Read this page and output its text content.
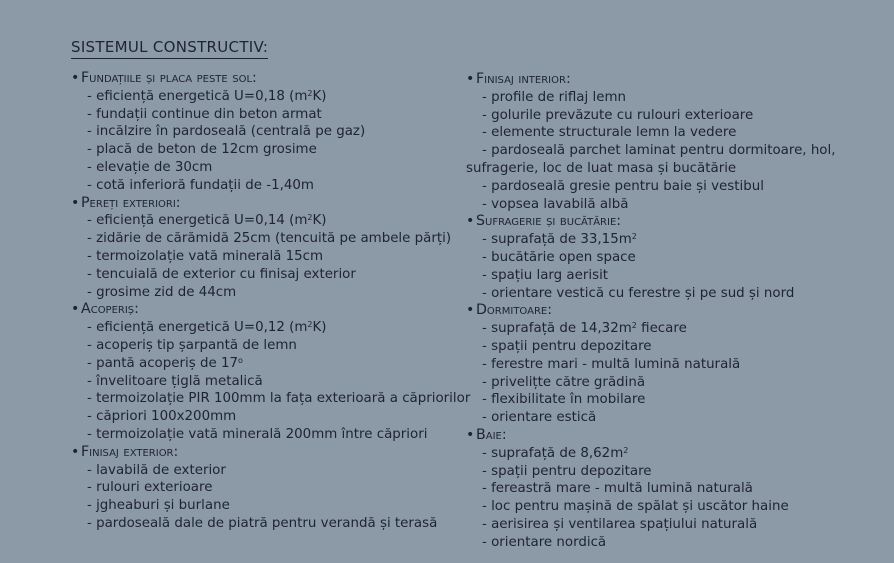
SISTEMUL CONSTRUCTIV:
• Fundațiile și placa peste sol:
- eficiență energetică U=0,18 $(m^2K)$
- fundații continue din beton armat
- incălzire în pardoseală (centrală pe gaz)
- placă de beton de 12cm grosime
- elevație de 30cm
- cotă inferioră fundații de -1,40m
• Pereți exteriori:
- eficiență energetică U=0,14 $(m^2K)$
- zidărie de cărămidă 25cm (tencuită pe ambele părți)
- termoizolație vată minerală 15cm
- tencuială de exterior cu finisaj exterior
- grosime zid de 44cm
• Acoperiș:
- eficiență energetică U=0,12 $(m^2K)$
- acoperiș tip șarpantă de lemn
- pantă acoperiș de 17$^o$
- învelitoare țiglă metalică
- termoizolație PIR 100mm la fața exterioară a căpriorilor
- căpriori 100x200mm
- termoizolație vată minerală 200mm între căpriori
• Finisaj exterior:
- lavabilă de exterior
- rulouri exterioare
- jgheaburi și burlane
- pardoseală dale de piatră pentru verandă și terasă
• Finisaj interior:
- profile de riflaj lemn
- golurile prevăzute cu rulouri exterioare
- elemente structurale lemn la vedere
- pardoseală parchet laminat pentru dormitoare, hol,
sufragerie, loc de luat masa și bucătărie
- pardoseală gresie pentru baie și vestibul
- vopsea lavabilă albă
• Sufragerie și bucătărie:
- suprafață de $33,15m^2$
- bucătărie open space
- spațiu larg aerisit
- orientare vestică cu ferestre și pe sud și nord
• Dormitoare:
- suprafață de $14,32m^2$ fiecare
- spații pentru depozitare
- ferestre mari - multă lumină naturală
- privelițte către grădină
- flexibilitate în mobilare
- orientare estică
• Baie:
- suprafață de $8,62m^2$
- spații pentru depozitare
- fereastră mare - multă lumină naturală
- loc pentru mașină de spălat și uscător haine
- aerisirea și ventilarea spațiului naturală
- orientare nordică
